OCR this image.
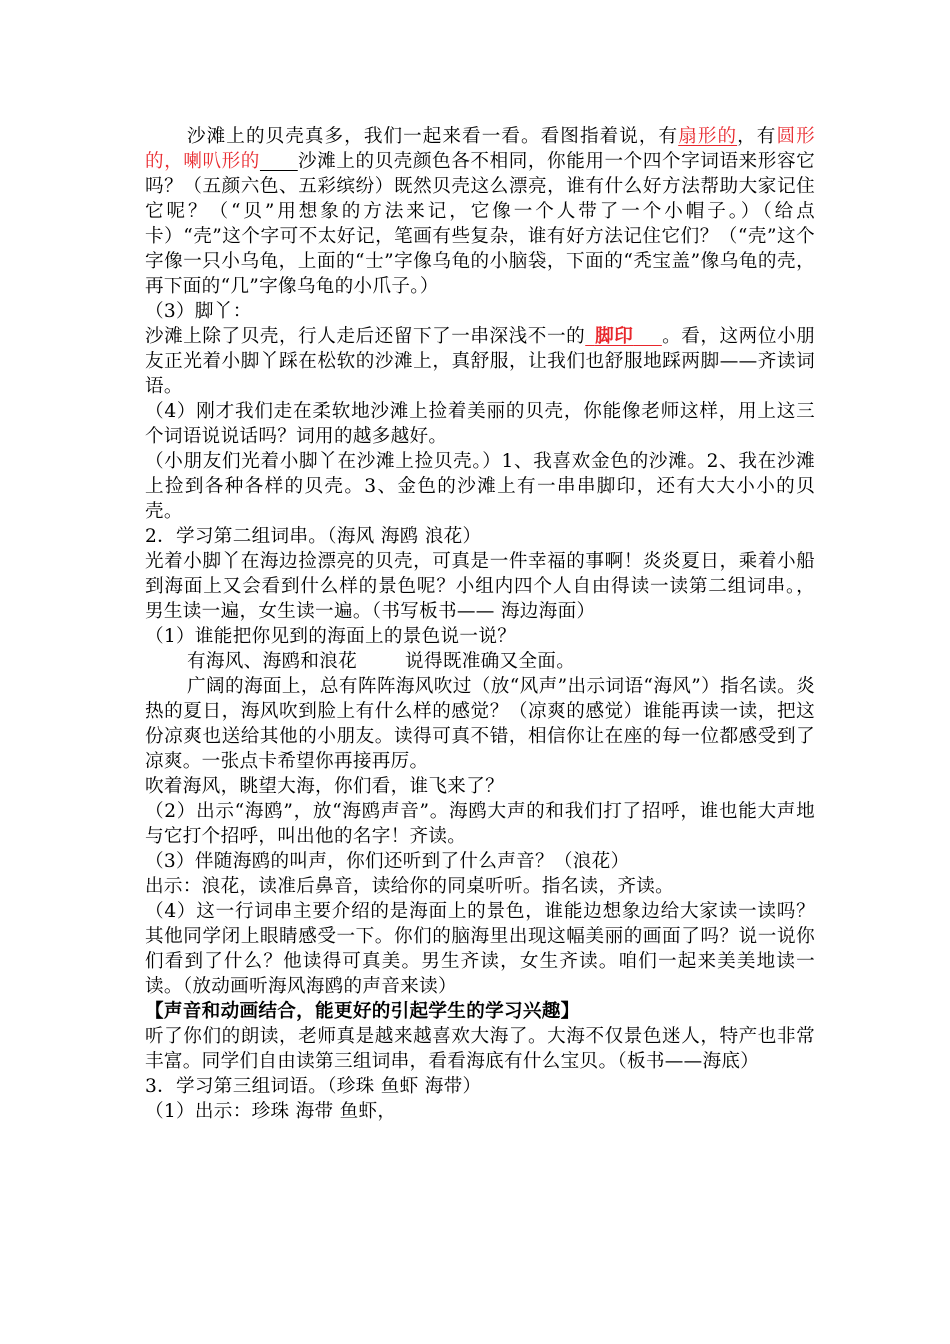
沙滩上的贝壳真多，我们一起来看一看。看图指着说，有扇形的，有圆形的，喇叭形的   沙滩上的贝壳颜色各不相同，你能用一个四个字词语来形容它吗？（五颜六色、五彩缤纷）既然贝壳这么漂亮，谁有什么好方法帮助大家记住它呢？（“贝”用想象的方法来记，它像一个人带了一个小帽子。）（给点卡）“壳”这个字可不太好记，笔画有些复杂，谁有好方法记住它们？（“壳”这个字像一只小乌龟，上面的“士”字像乌龟的小脑袋，下面的“秃宝盖”像乌龟的壳，再下面的“几”字像乌龟的小爪子。）

（3）脚丫：

沙滩上除了贝壳，行人走后还留下了一串深浅不一的  脚印   。看，这两位小朋友正光着小脚丫踩在松软的沙滩上，真舒服，让我们也舒服地踩两脚——齐读词语。

（4）刚才我们走在柔软地沙滩上捡着美丽的贝壳，你能像老师这样，用上这三个词语说说话吗？词用的越多越好。

（小朋友们光着小脚丫在沙滩上捡贝壳。）1、我喜欢金色的沙滩。2、我在沙滩上捡到各种各样的贝壳。3、金色的沙滩上有一串串脚印，还有大大小小的贝壳。

2．学习第二组词串。（海风 海鸥 浪花）

光着小脚丫在海边捡漂亮的贝壳，可真是一件幸福的事啊！炎炎夏日，乘着小船到海面上又会看到什么样的景色呢？小组内四个人自由得读一读第二组词串。，男生读一遍，女生读一遍。（书写板书—— 海边海面）

（1）谁能把你见到的海面上的景色说一说？

有海风、海鸥和浪花	说得既准确又全面。

广阔的海面上，总有阵阵海风吹过（放“风声”出示词语“海风”）指名读。炎热的夏日，海风吹到脸上有什么样的感觉？（凉爽的感觉）谁能再读一读，把这份凉爽也送给其他的小朋友。读得可真不错，相信你让在座的每一位都感受到了凉爽。一张点卡希望你再接再厉。

吹着海风，眺望大海，你们看，谁飞来了？

（2）出示“海鸥”，放“海鸥声音”。海鸥大声的和我们打了招呼，谁也能大声地与它打个招呼，叫出他的名字！齐读。

（3）伴随海鸥的叫声，你们还听到了什么声音？（浪花）

出示：浪花，读准后鼻音，读给你的同桌听听。指名读，齐读。

（4）这一行词串主要介绍的是海面上的景色，谁能边想象边给大家读一读吗？其他同学闭上眼睛感受一下。你们的脑海里出现这幅美丽的画面了吗？说一说你们看到了什么？他读得可真美。男生齐读，女生齐读。咱们一起来美美地读一读。（放动画听海风海鸥的声音来读）

【声音和动画结合，能更好的引起学生的学习兴趣】

听了你们的朗读，老师真是越来越喜欢大海了。大海不仅景色迷人，特产也非常丰富。同学们自由读第三组词串，看看海底有什么宝贝。（板书——海底）

3．学习第三组词语。（珍珠 鱼虾 海带）

（1）出示：珍珠 海带 鱼虾，
